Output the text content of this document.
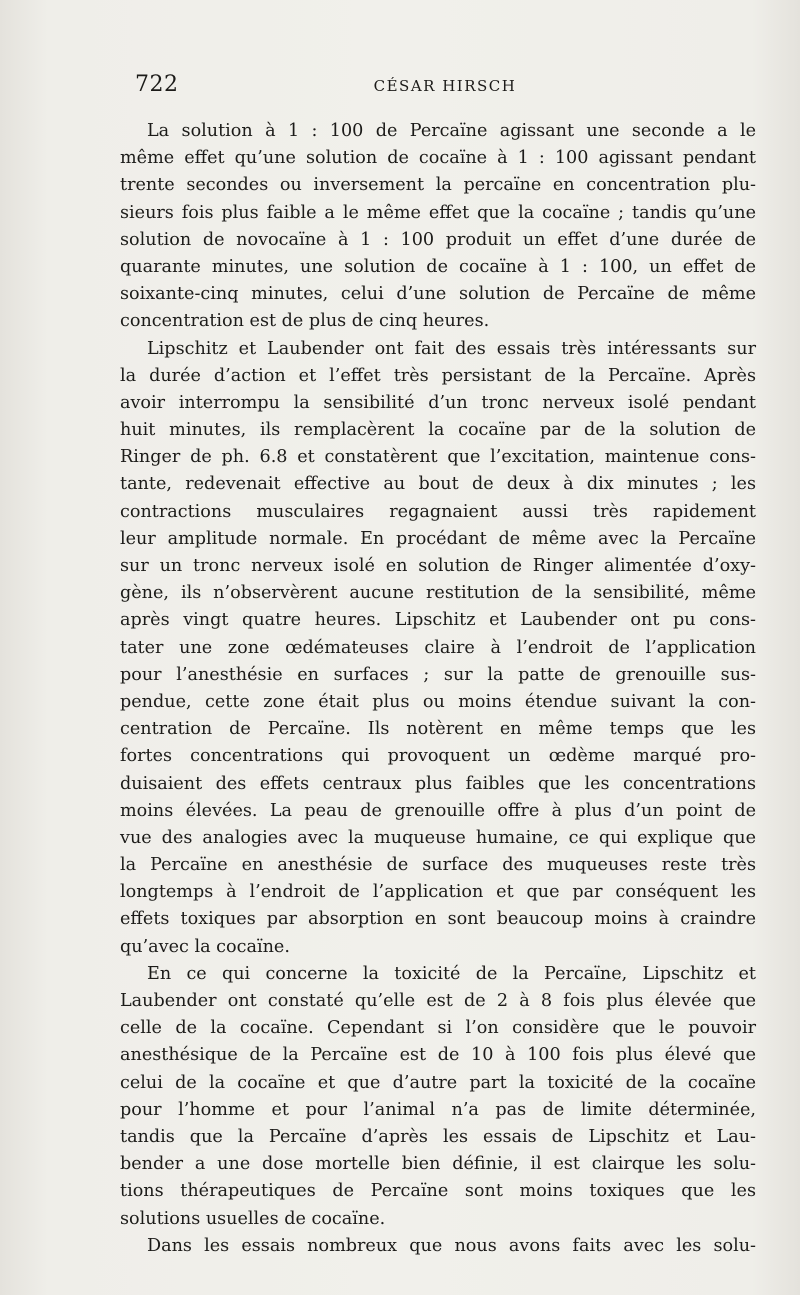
722	CÉSAR HIRSCH
La solution à 1 : 100 de Percaïne agissant une seconde a le
même effet qu’une solution de cocaïne à 1 : 100 agissant pendant
trente secondes ou inversement la percaïne en concentration plu-
sieurs fois plus faible a le même effet que la cocaïne ; tandis qu’une
solution de novocaïne à 1 : 100 produit un effet d’une durée de
quarante minutes, une solution de cocaïne à 1 : 100, un effet de
soixante-cinq minutes, celui d’une solution de Percaïne de même
concentration est de plus de cinq heures.
Lipschitz et Laubender ont fait des essais très intéressants sur
la durée d’action et l’effet très persistant de la Percaïne. Après
avoir interrompu la sensibilité d’un tronc nerveux isolé pendant
huit minutes, ils remplacèrent la cocaïne par de la solution de
Ringer de ph. 6.8 et constatèrent que l’excitation, maintenue cons-
tante, redevenait effective au bout de deux à dix minutes ; les
contractions musculaires regagnaient aussi très rapidement
leur amplitude normale. En procédant de même avec la Percaïne
sur un tronc nerveux isolé en solution de Ringer alimentée d’oxy-
gène, ils n’observèrent aucune restitution de la sensibilité, même
après vingt quatre heures. Lipschitz et Laubender ont pu cons-
tater une zone œdémateuses claire à l’endroit de l’application
pour l’anesthésie en surfaces ; sur la patte de grenouille sus-
pendue, cette zone était plus ou moins étendue suivant la con-
centration de Percaïne. Ils notèrent en même temps que les
fortes concentrations qui provoquent un œdème marqué pro-
duisaient des effets centraux plus faibles que les concentrations
moins élevées. La peau de grenouille offre à plus d’un point de
vue des analogies avec la muqueuse humaine, ce qui explique que
la Percaïne en anesthésie de surface des muqueuses reste très
longtemps à l’endroit de l’application et que par conséquent les
effets toxiques par absorption en sont beaucoup moins à craindre
qu’avec la cocaïne.
En ce qui concerne la toxicité de la Percaïne, Lipschitz et
Laubender ont constaté qu’elle est de 2 à 8 fois plus élevée que
celle de la cocaïne. Cependant si l’on considère que le pouvoir
anesthésique de la Percaïne est de 10 à 100 fois plus élevé que
celui de la cocaïne et que d’autre part la toxicité de la cocaïne
pour l’homme et pour l’animal n’a pas de limite déterminée,
tandis que la Percaïne d’après les essais de Lipschitz et Lau-
bender a une dose mortelle bien définie, il est clairque les solu-
tions thérapeutiques de Percaïne sont moins toxiques que les
solutions usuelles de cocaïne.
Dans les essais nombreux que nous avons faits avec les solu-
